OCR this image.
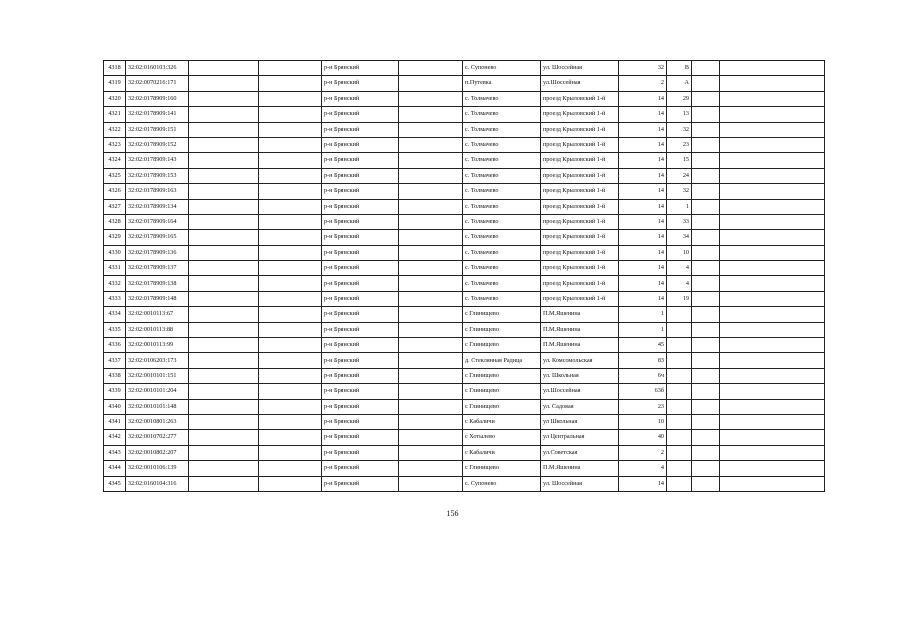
4318	32:02:0160103:326			р-н Брянский		с. Супонево	ул. Шоссейная	32	В		
4319	32:02:0070216:171			р-н Брянский		п.Путевка	ул.Шоссейная	2	А		
4320	32:02:0178909:160			р-н Брянский		с. Толмачево	проезд Крыловский 1-й	14	29		
4321	32:02:0178909:141			р-н Брянский		с. Толмачево	проезд Крыловский 1-й	14	13		
4322	32:02:0178909:151			р-н Брянский		с. Толмачево	проезд Крыловский 1-й	14	32		
4323	32:02:0178909:152			р-н Брянский		с. Толмачево	проезд Крыловский 1-й	14	23		
4324	32:02:0178909:143			р-н Брянский		с. Толмачево	проезд Крыловский 1-й	14	15		
4325	32:02:0178909:153			р-н Брянский		с. Толмачево	проезд Крыловский 1-й	14	24		
4326	32:02:0178909:163			р-н Брянский		с. Толмачево	проезд Крыловский 1-й	14	32		
4327	32:02:0178909:134			р-н Брянский		с. Толмачево	проезд Крыловский 1-й	14	1		
4328	32:02:0178909:164			р-н Брянский		с. Толмачево	проезд Крыловский 1-й	14	33		
4329	32:02:0178909:165			р-н Брянский		с. Толмачево	проезд Крыловский 1-й	14	34		
4330	32:02:0178909:136			р-н Брянский		с. Толмачево	проезд Крыловский 1-й	14	10		
4331	32:02:0178909:137			р-н Брянский		с. Толмачево	проезд Крыловский 1-й	14	4		
4332	32:02:0178909:138			р-н Брянский		с. Толмачево	проезд Крыловский 1-й	14	4		
4333	32:02:0178909:148			р-н Брянский		с. Толмачево	проезд Крыловский 1-й	14	19		
4334	32:02:0010113:67			р-н Брянский		с Глинищево	П.М.Яшенина	1			
4335	32:02:0010113:88			р-н Брянский		с Глинищево	П.М.Яшенина	1			
4336	32:02:0010113:99			р-н Брянский		с Глинищево	П.М.Яшенина	45			
4337	32:02:0106203:173			р-н Брянский		д. Стеклянная Радица	ул. Комсомольская	83			
4338	32:02:0010101:151			р-н Брянский		с Глинищево	ул. Школьная	6ч			
4339	32:02:0010101:204			р-н Брянский		с Глинищево	ул.Шоссейная	63б			
4340	32:02:0010101:148			р-н Брянский		с Глинищево	ул. Садовая	23			
4341	32:02:0010801:263			р-н Брянский		с Кабаличи	ул Школьная	10			
4342	32:02:0010702:277			р-н Брянский		с Хотылево	ул Центральная	40			
4343	32:02:0010802:207			р-н Брянский		с Кабаличи	ул.Советская	2			
4344	32:02:0010106:139			р-н Брянский		с Глинищево	П.М.Яшенина	4			
4345	32:02:0160104:316			р-н Брянский		с. Супонево	ул. Шоссейная	14			
156
